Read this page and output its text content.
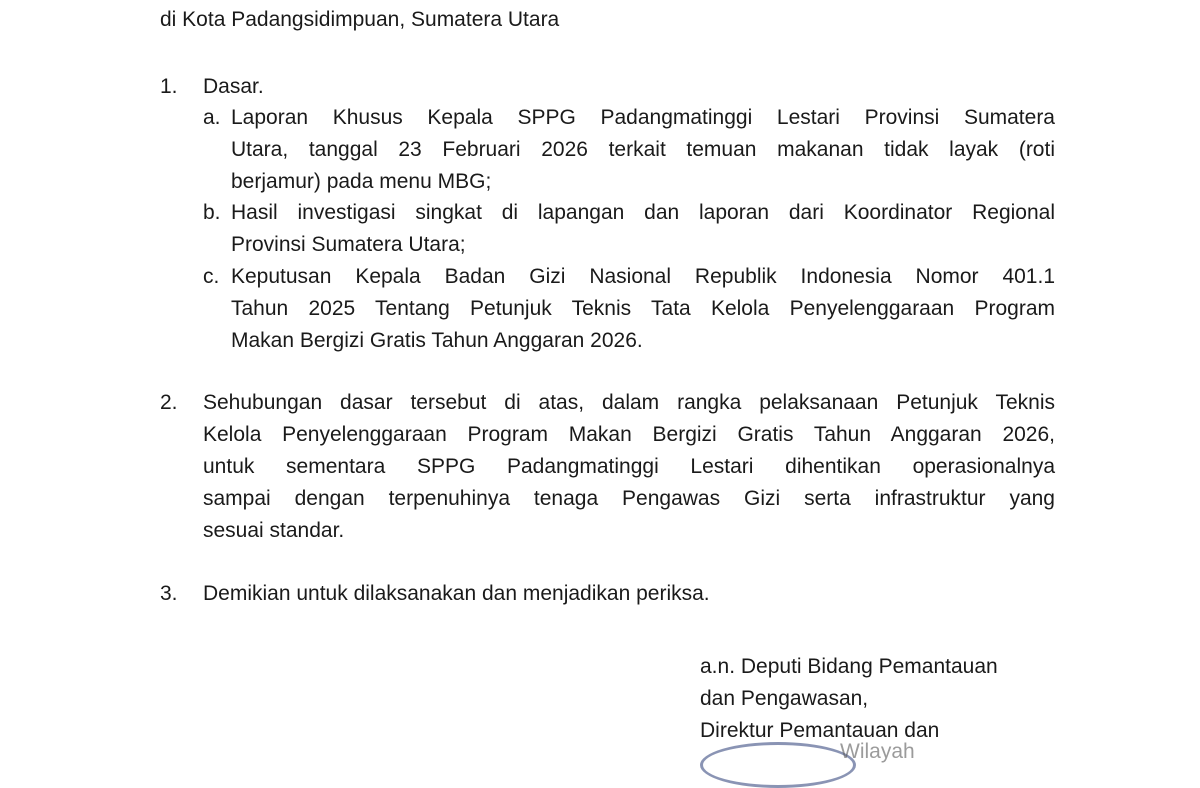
di Kota Padangsidimpuan, Sumatera Utara
1. Dasar.
a. Laporan Khusus Kepala SPPG Padangmatinggi Lestari Provinsi Sumatera
Utara, tanggal 23 Februari 2026 terkait temuan makanan tidak layak (roti
berjamur) pada menu MBG;
b. Hasil investigasi singkat di lapangan dan laporan dari Koordinator Regional
Provinsi Sumatera Utara;
c. Keputusan Kepala Badan Gizi Nasional Republik Indonesia Nomor 401.1
Tahun 2025 Tentang Petunjuk Teknis Tata Kelola Penyelenggaraan Program
Makan Bergizi Gratis Tahun Anggaran 2026.
2. Sehubungan dasar tersebut di atas, dalam rangka pelaksanaan Petunjuk Teknis
Kelola Penyelenggaraan Program Makan Bergizi Gratis Tahun Anggaran 2026,
untuk sementara SPPG Padangmatinggi Lestari dihentikan operasionalnya
sampai dengan terpenuhinya tenaga Pengawas Gizi serta infrastruktur yang
sesuai standar.
3. Demikian untuk dilaksanakan dan menjadikan periksa.
a.n. Deputi Bidang Pemantauan
dan Pengawasan,
Direktur Pemantauan dan
Wilayah
